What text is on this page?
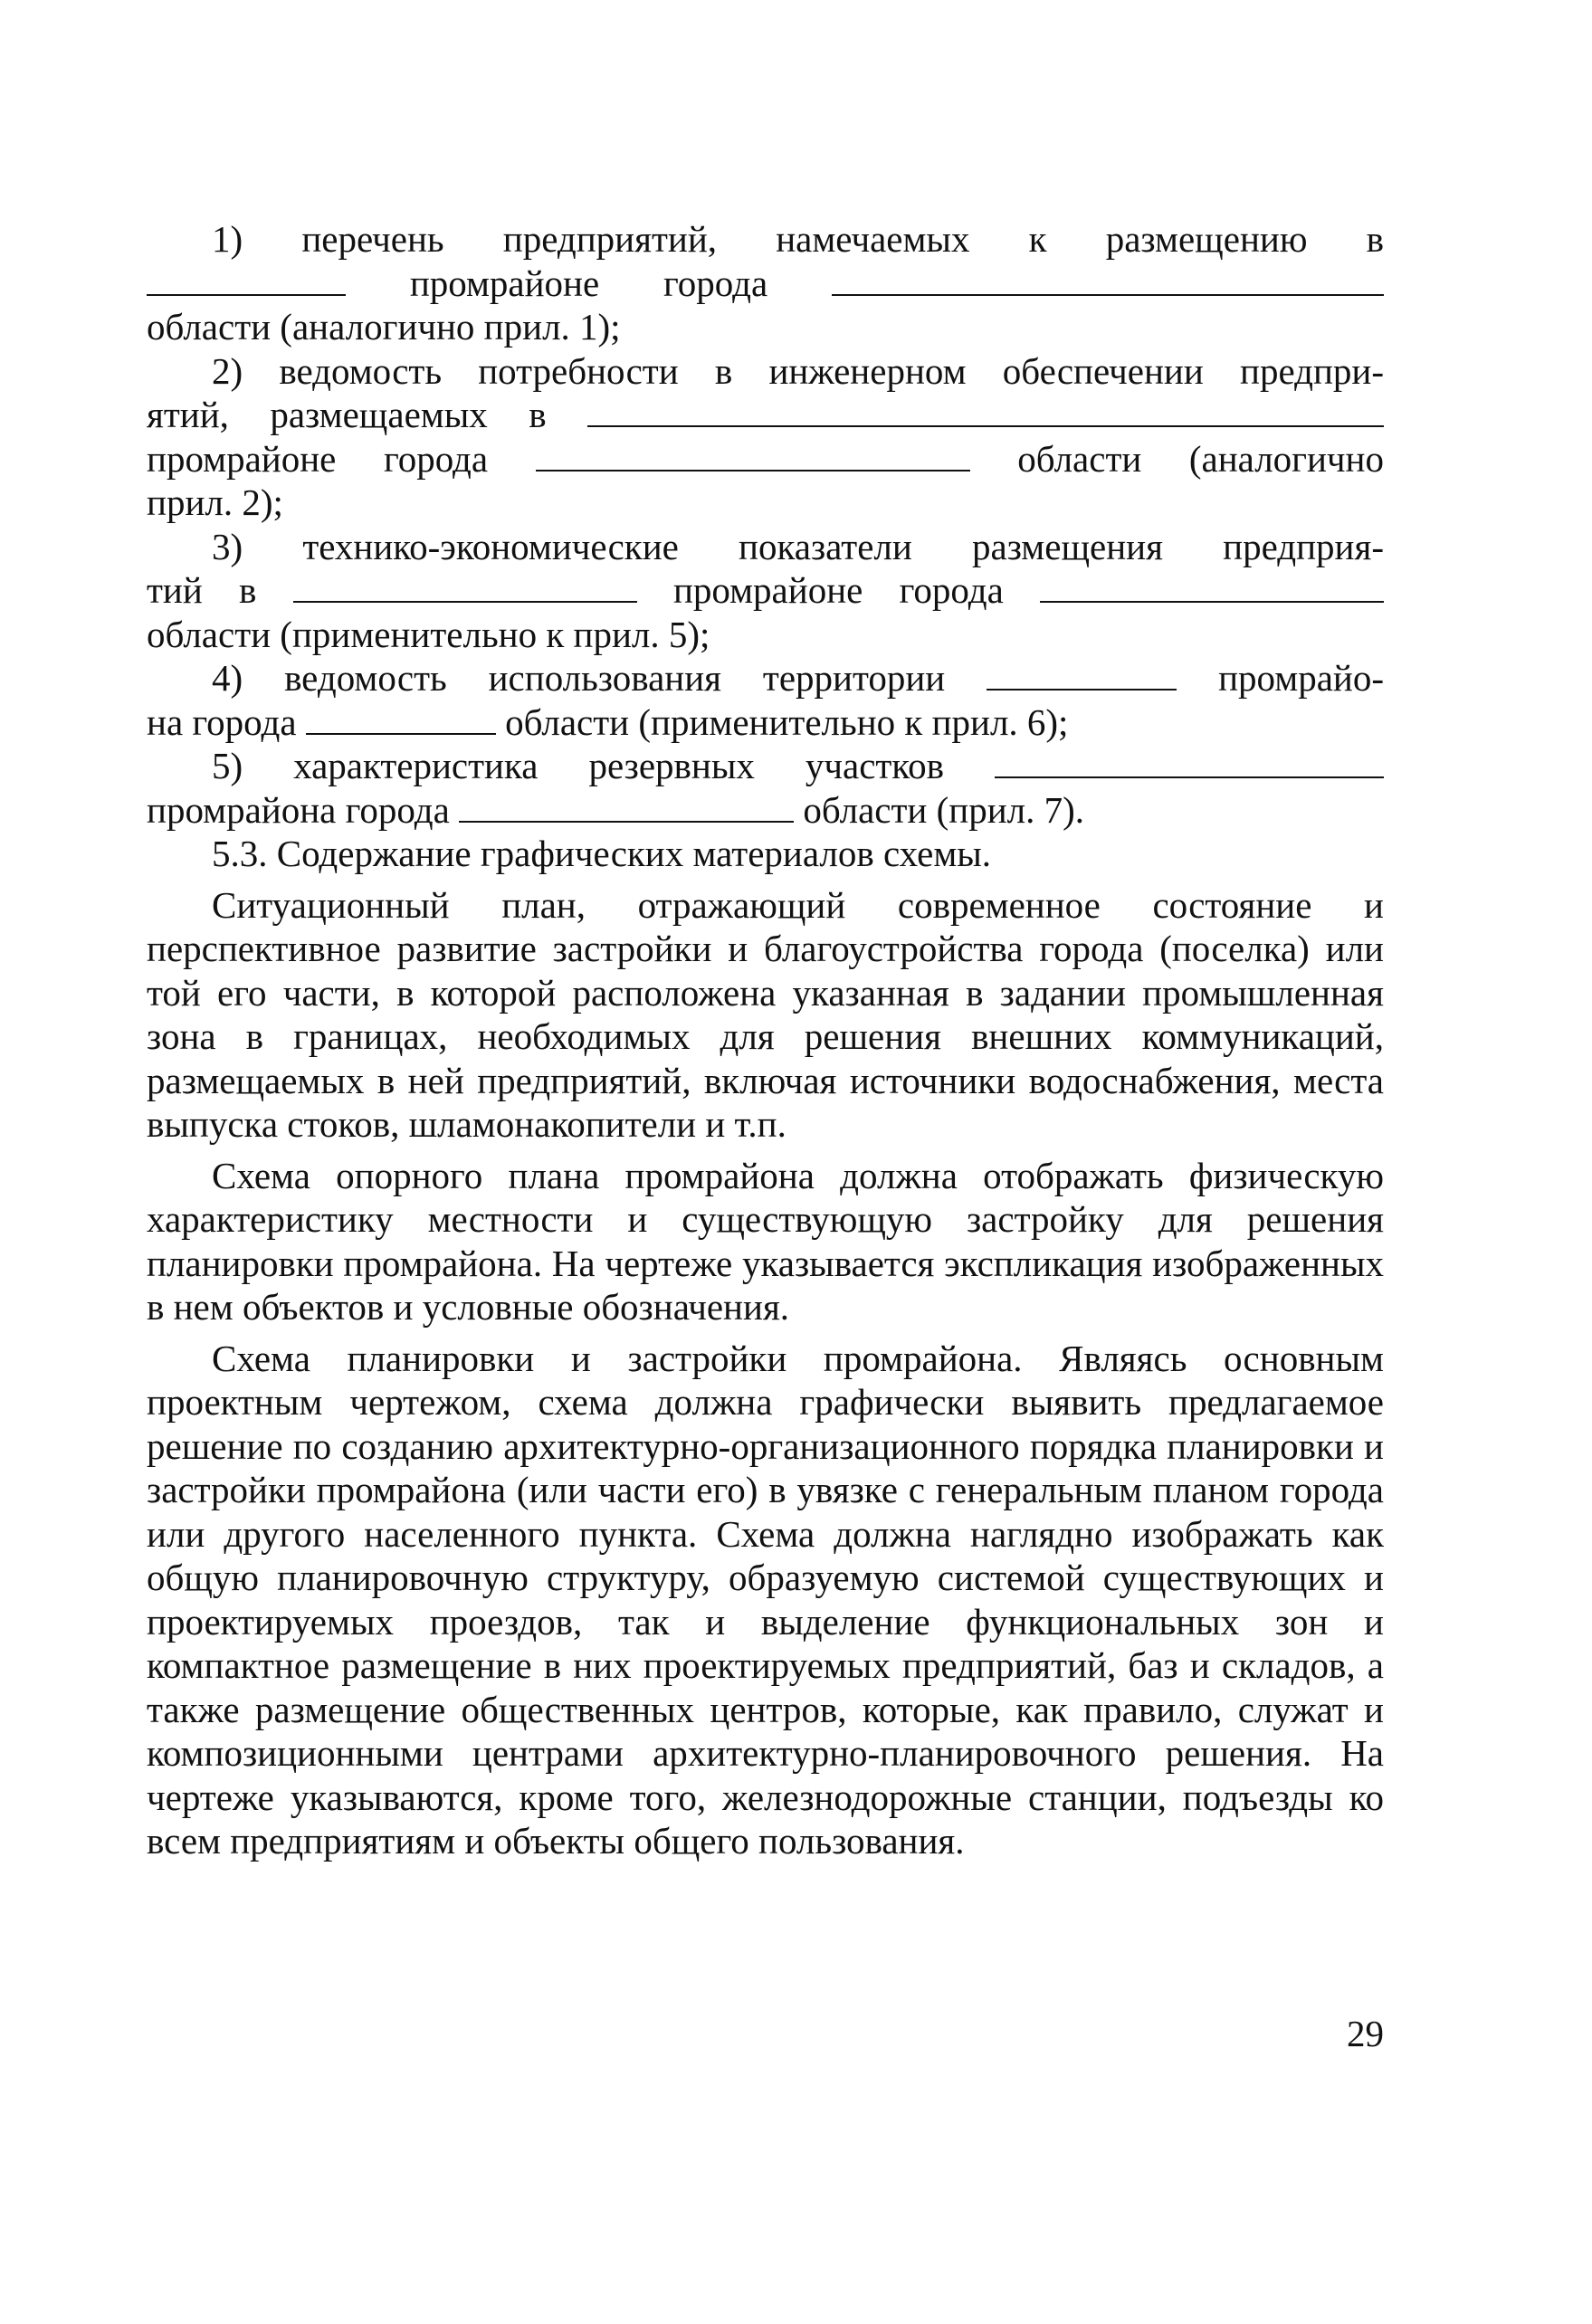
1) перечень предприятий, намечаемых к размещению в

промрайоне города

области (аналогично прил. 1);

2) ведомость потребности в инженерном обеспечении предпри-

ятий, размещаемых в

промрайоне города	области (аналогично

прил. 2);

3) технико-экономические показатели размещения предприя-

тий в	промрайоне города

области (применительно к прил. 5);

4) ведомость использования территории	промрайо-

на города	области (применительно к прил. 6);

5) характеристика резервных участков

промрайона города	области (прил. 7).

5.3. Содержание графических материалов схемы.

Ситуационный план, отражающий современное состояние и перспективное развитие застройки и благоустройства города (поселка) или той его части, в которой расположена указанная в задании промышленная зона в границах, необходимых для решения внешних коммуникаций, размещаемых в ней предприятий, включая источники водоснабжения, места выпуска стоков, шламонакопители и т.п.

Схема опорного плана промрайона должна отображать физическую характеристику местности и существующую застройку для решения планировки промрайона. На чертеже указывается экспликация изображенных в нем объектов и условные обозначения.

Схема планировки и застройки промрайона. Являясь основным проектным чертежом, схема должна графически выявить предлагаемое решение по созданию архитектурно-организационного порядка планировки и застройки промрайона (или части его) в увязке с генеральным планом города или другого населенного пункта. Схема должна наглядно изображать как общую планировочную структуру, образуемую системой существующих и проектируемых проездов, так и выделение функциональных зон и компактное размещение в них проектируемых предприятий, баз и складов, а также размещение общественных центров, которые, как правило, служат и композиционными центрами архитектурно-планировочного решения. На чертеже указываются, кроме того, железнодорожные станции, подъезды ко всем предприятиям и объекты общего пользования.

29
